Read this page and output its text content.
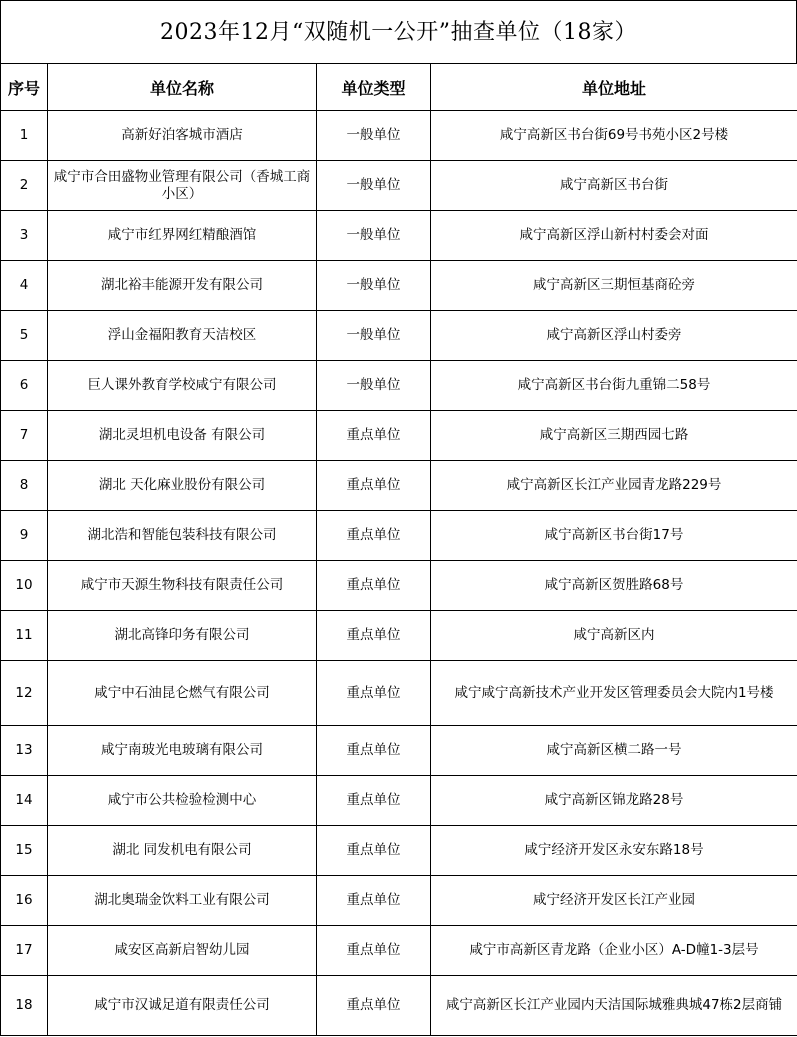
2023年12月“双随机一公开”抽查单位（18家）
序号	单位名称	单位类型	单位地址
1	高新好泊客城市酒店	一般单位	咸宁高新区书台街69号书苑小区2号楼
2	咸宁市合田盛物业管理有限公司（香城工商小区）	一般单位	咸宁高新区书台街
3	咸宁市红界网红精酿酒馆	一般单位	咸宁高新区浮山新村村委会对面
4	湖北裕丰能源开发有限公司	一般单位	咸宁高新区三期恒基商砼旁
5	浮山金福阳教育天洁校区	一般单位	咸宁高新区浮山村委旁
6	巨人课外教育学校咸宁有限公司	一般单位	咸宁高新区书台街九重锦二58号
7	湖北灵坦机电设备 有限公司	重点单位	咸宁高新区三期西园七路
8	湖北 天化麻业股份有限公司	重点单位	咸宁高新区长江产业园青龙路229号
9	湖北浩和智能包装科技有限公司	重点单位	咸宁高新区书台街17号
10	咸宁市天源生物科技有限责任公司	重点单位	咸宁高新区贺胜路68号
11	湖北高锋印务有限公司	重点单位	咸宁高新区内
12	咸宁中石油昆仑燃气有限公司	重点单位	咸宁咸宁高新技术产业开发区管理委员会大院内1号楼
13	咸宁南玻光电玻璃有限公司	重点单位	咸宁高新区横二路一号
14	咸宁市公共检验检测中心	重点单位	咸宁高新区锦龙路28号
15	湖北 同发机电有限公司	重点单位	咸宁经济开发区永安东路18号
16	湖北奥瑞金饮料工业有限公司	重点单位	咸宁经济开发区长江产业园
17	咸安区高新启智幼儿园	重点单位	咸宁市高新区青龙路（企业小区）A-D幢1-3层号
18	咸宁市汉诚足道有限责任公司	重点单位	咸宁高新区长江产业园内天洁国际城雅典城47栋2层商铺
